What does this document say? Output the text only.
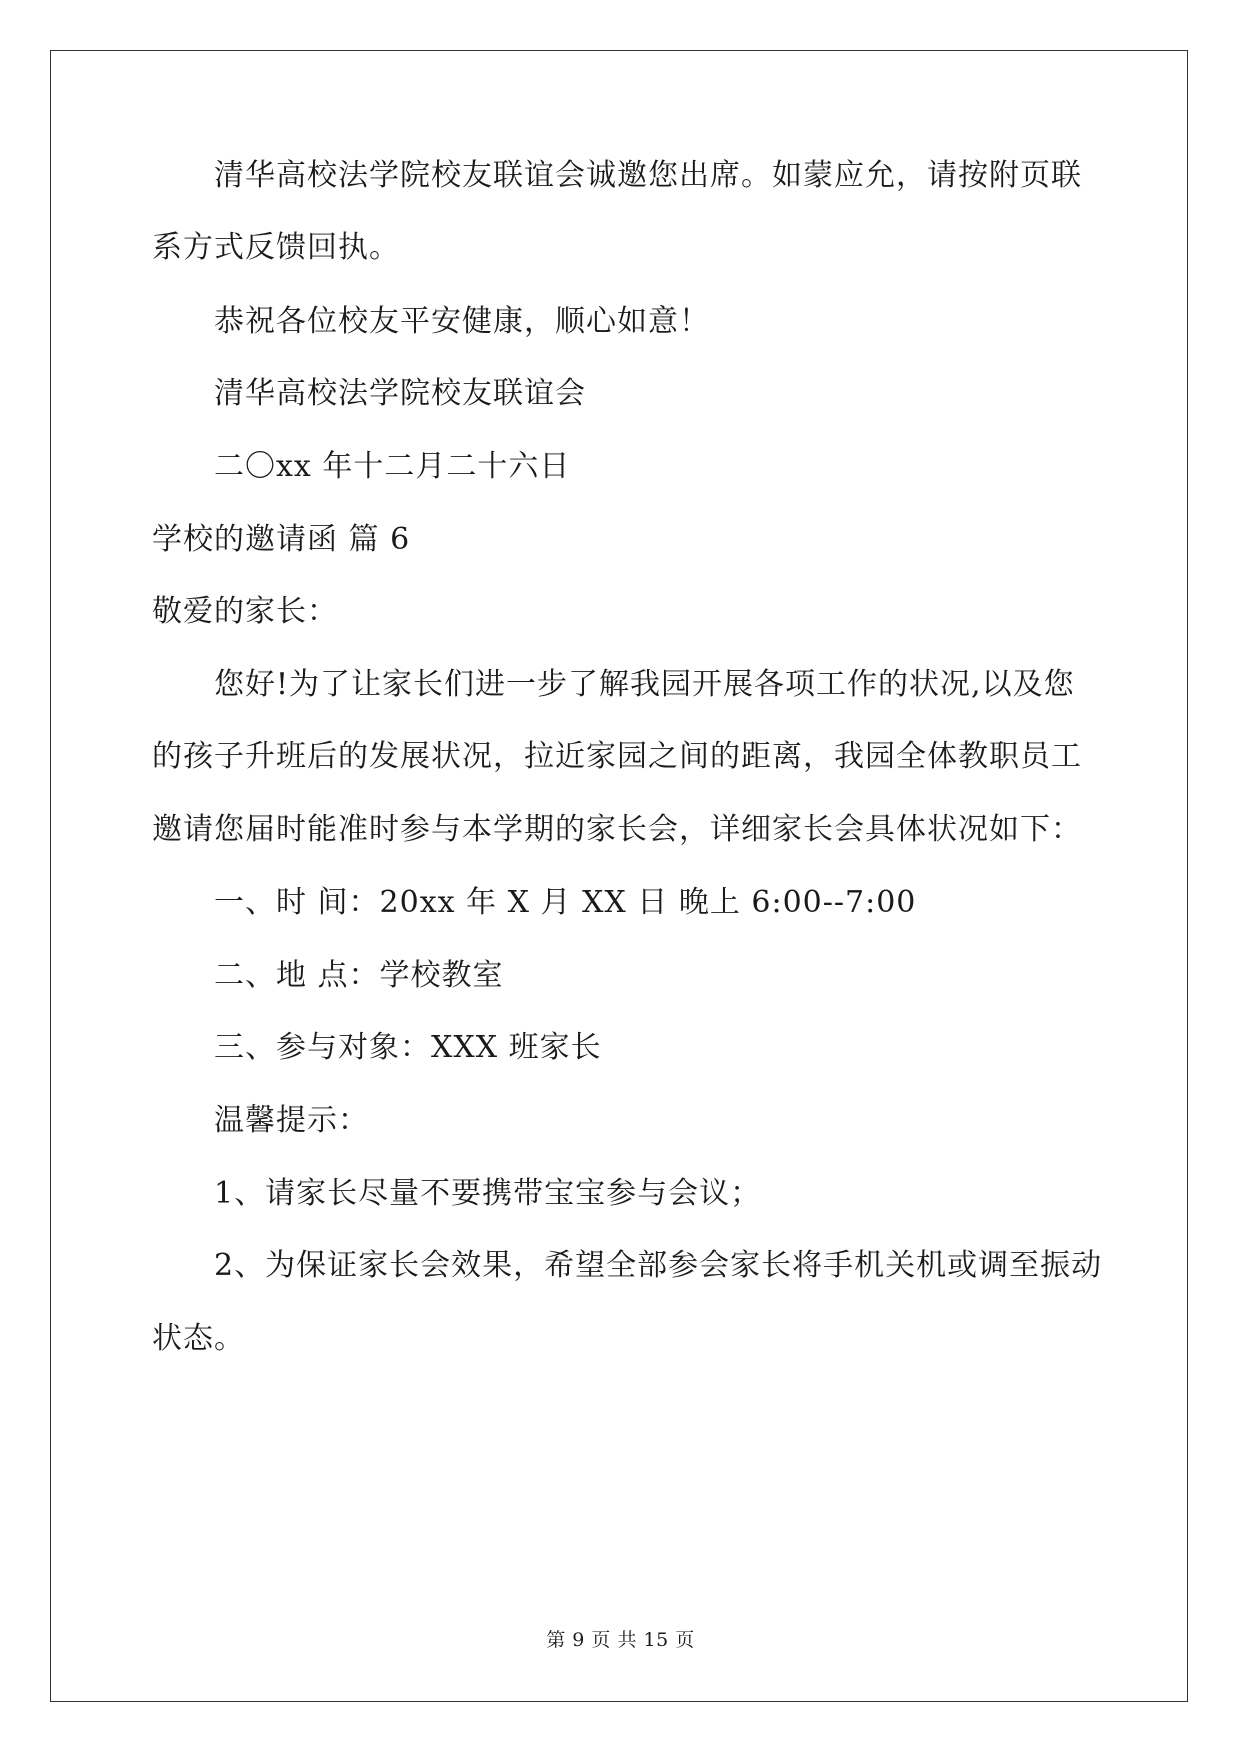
清华高校法学院校友联谊会诚邀您出席。如蒙应允，请按附页联
系方式反馈回执。
恭祝各位校友平安健康，顺心如意！
清华高校法学院校友联谊会
二〇xx 年十二月二十六日
学校的邀请函 篇 6
敬爱的家长：
您好!为了让家长们进一步了解我园开展各项工作的状况,以及您
的孩子升班后的发展状况，拉近家园之间的距离，我园全体教职员工
邀请您届时能准时参与本学期的家长会，详细家长会具体状况如下：
一、时 间：20xx 年 X 月 XX 日 晚上 6:00--7:00
二、地 点：学校教室
三、参与对象：XXX 班家长
温馨提示：
1、请家长尽量不要携带宝宝参与会议；
2、为保证家长会效果，希望全部参会家长将手机关机或调至振动
状态。
第 9 页 共 15 页
